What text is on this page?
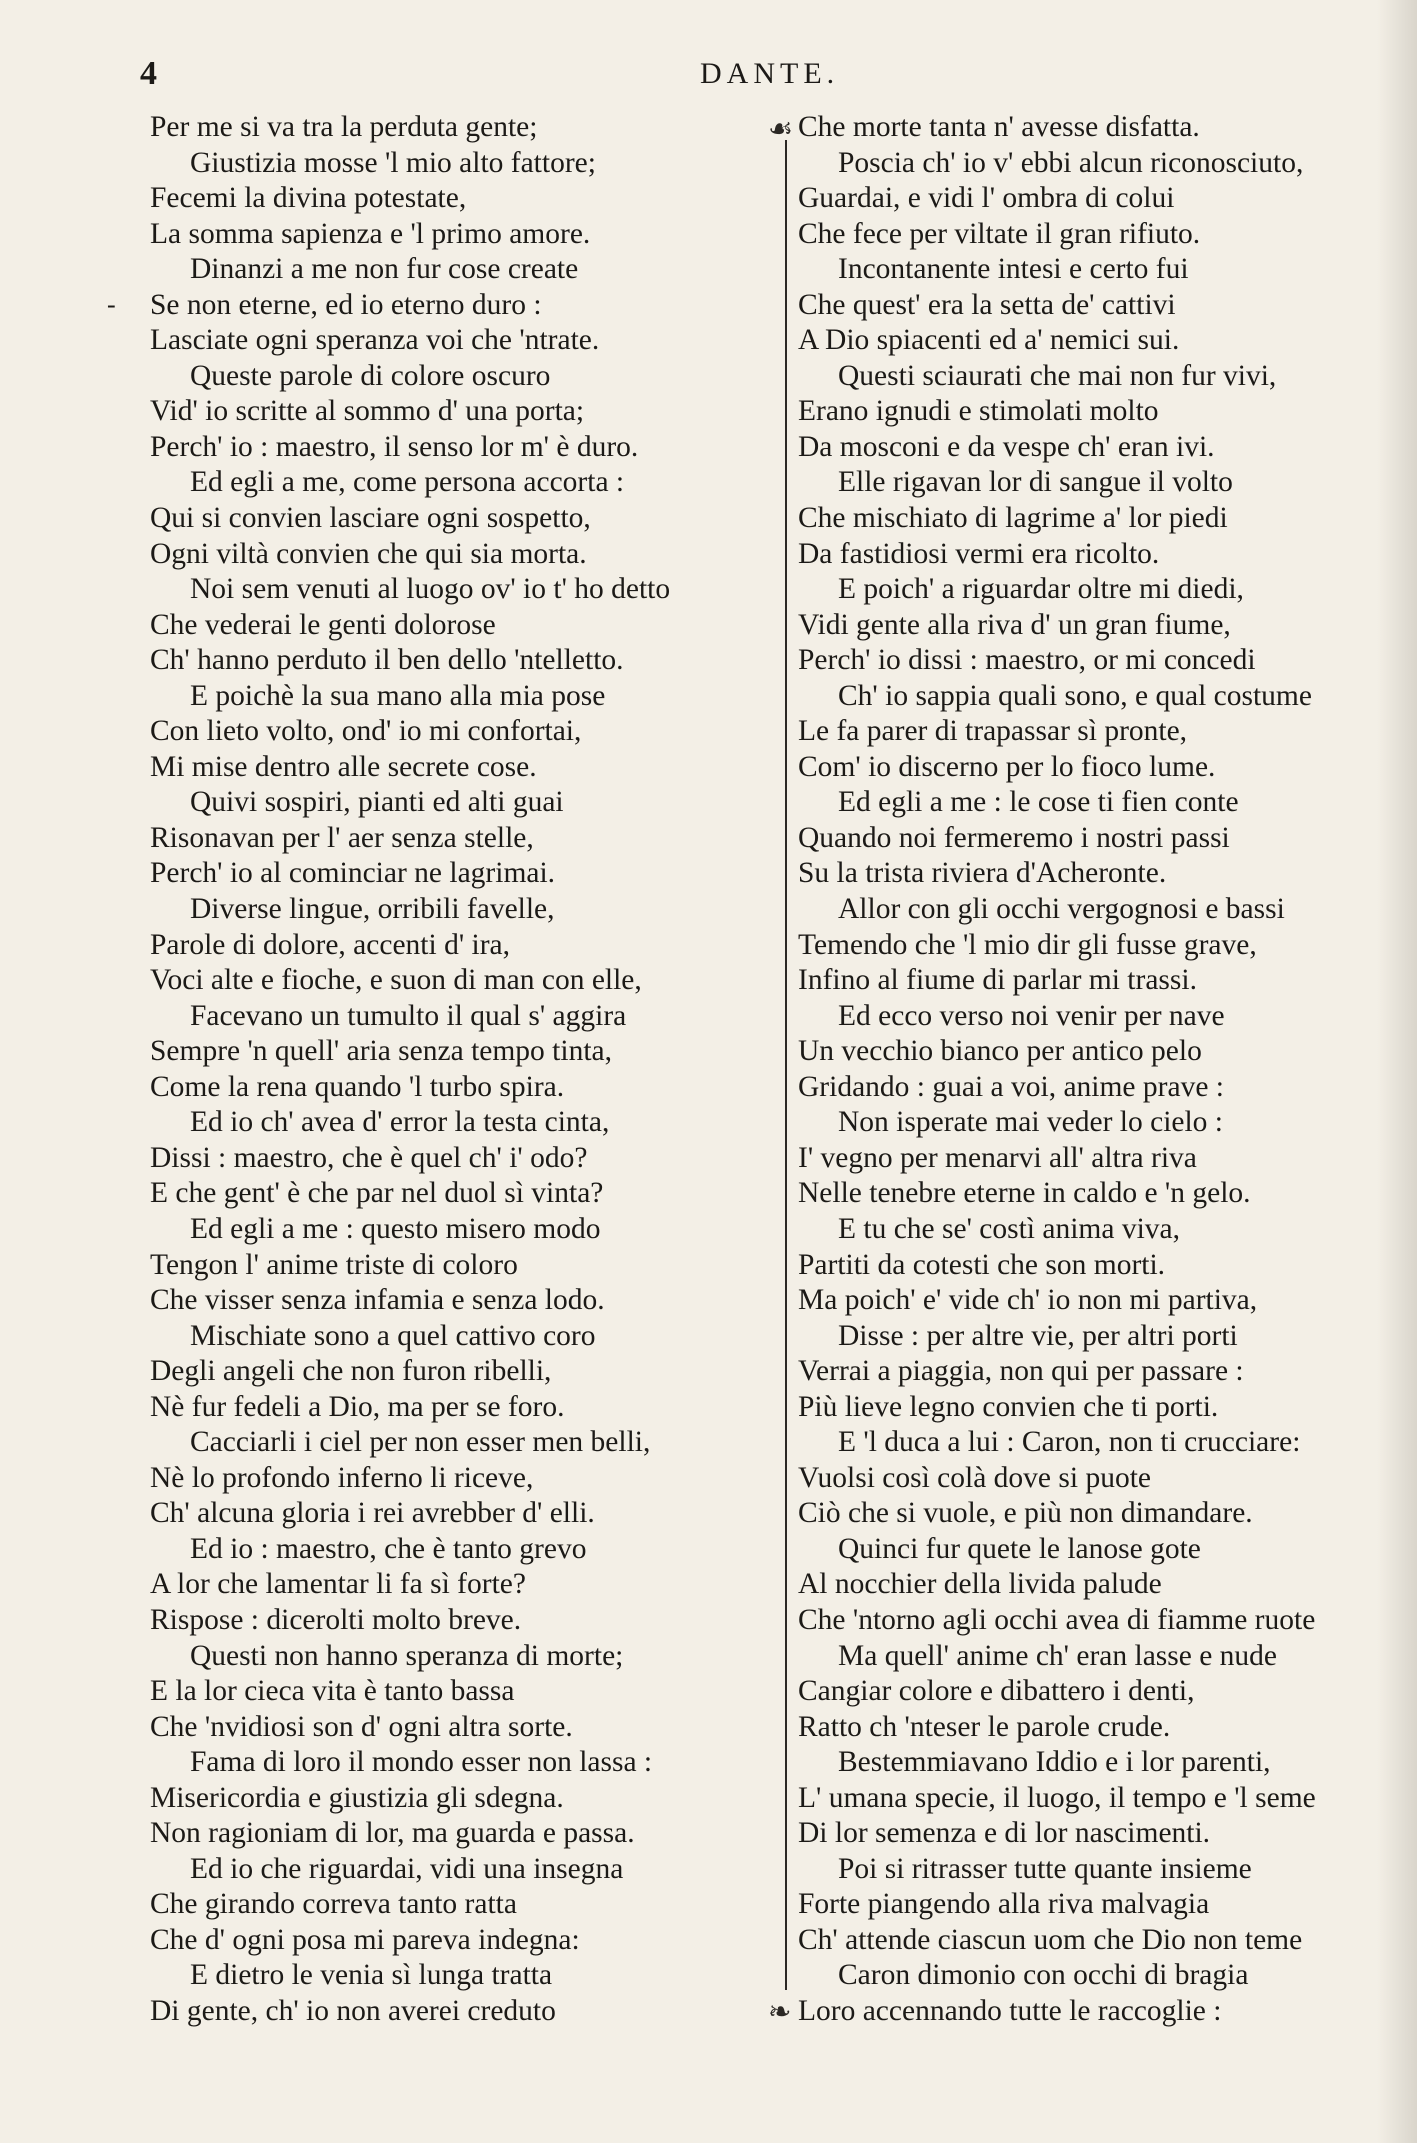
4	DANTE.
-
Per me si va tra la perduta gente;
Giustizia mosse 'l mio alto fattore;
Fecemi la divina potestate,
La somma sapienza e 'l primo amore.
Dinanzi a me non fur cose create
Se non eterne, ed io eterno duro :
Lasciate ogni speranza voi che 'ntrate.
Queste parole di colore oscuro
Vid' io scritte al sommo d' una porta;
Perch' io : maestro, il senso lor m' è duro.
Ed egli a me, come persona accorta :
Qui si convien lasciare ogni sospetto,
Ogni viltà convien che qui sia morta.
Noi sem venuti al luogo ov' io t' ho detto
Che vederai le genti dolorose
Ch' hanno perduto il ben dello 'ntelletto.
E poichè la sua mano alla mia pose
Con lieto volto, ond' io mi confortai,
Mi mise dentro alle secrete cose.
Quivi sospiri, pianti ed alti guai
Risonavan per l' aer senza stelle,
Perch' io al cominciar ne lagrimai.
Diverse lingue, orribili favelle,
Parole di dolore, accenti d' ira,
Voci alte e fioche, e suon di man con elle,
Facevano un tumulto il qual s' aggira
Sempre 'n quell' aria senza tempo tinta,
Come la rena quando 'l turbo spira.
Ed io ch' avea d' error la testa cinta,
Dissi : maestro, che è quel ch' i' odo?
E che gent' è che par nel duol sì vinta?
Ed egli a me : questo misero modo
Tengon l' anime triste di coloro
Che visser senza infamia e senza lodo.
Mischiate sono a quel cattivo coro
Degli angeli che non furon ribelli,
Nè fur fedeli a Dio, ma per se foro.
Cacciarli i ciel per non esser men belli,
Nè lo profondo inferno li riceve,
Ch' alcuna gloria i rei avrebber d' elli.
Ed io : maestro, che è tanto grevo
A lor che lamentar li fa sì forte?
Rispose : dicerolti molto breve.
Questi non hanno speranza di morte;
E la lor cieca vita è tanto bassa
Che 'nvidiosi son d' ogni altra sorte.
Fama di loro il mondo esser non lassa :
Misericordia e giustizia gli sdegna.
Non ragioniam di lor, ma guarda e passa.
Ed io che riguardai, vidi una insegna
Che girando correva tanto ratta
Che d' ogni posa mi pareva indegna:
E dietro le venia sì lunga tratta
Di gente, ch' io non averei creduto
☙
❧
Che morte tanta n' avesse disfatta.
Poscia ch' io v' ebbi alcun riconosciuto,
Guardai, e vidi l' ombra di colui
Che fece per viltate il gran rifiuto.
Incontanente intesi e certo fui
Che quest' era la setta de' cattivi
A Dio spiacenti ed a' nemici sui.
Questi sciaurati che mai non fur vivi,
Erano ignudi e stimolati molto
Da mosconi e da vespe ch' eran ivi.
Elle rigavan lor di sangue il volto
Che mischiato di lagrime a' lor piedi
Da fastidiosi vermi era ricolto.
E poich' a riguardar oltre mi diedi,
Vidi gente alla riva d' un gran fiume,
Perch' io dissi : maestro, or mi concedi
Ch' io sappia quali sono, e qual costume
Le fa parer di trapassar sì pronte,
Com' io discerno per lo fioco lume.
Ed egli a me : le cose ti fien conte
Quando noi fermeremo i nostri passi
Su la trista riviera d'Acheronte.
Allor con gli occhi vergognosi e bassi
Temendo che 'l mio dir gli fusse grave,
Infino al fiume di parlar mi trassi.
Ed ecco verso noi venir per nave
Un vecchio bianco per antico pelo
Gridando : guai a voi, anime prave :
Non isperate mai veder lo cielo :
I' vegno per menarvi all' altra riva
Nelle tenebre eterne in caldo e 'n gelo.
E tu che se' costì anima viva,
Partiti da cotesti che son morti.
Ma poich' e' vide ch' io non mi partiva,
Disse : per altre vie, per altri porti
Verrai a piaggia, non qui per passare :
Più lieve legno convien che ti porti.
E 'l duca a lui : Caron, non ti crucciare:
Vuolsi così colà dove si puote
Ciò che si vuole, e più non dimandare.
Quinci fur quete le lanose gote
Al nocchier della livida palude
Che 'ntorno agli occhi avea di fiamme ruote
Ma quell' anime ch' eran lasse e nude
Cangiar colore e dibattero i denti,
Ratto ch 'nteser le parole crude.
Bestemmiavano Iddio e i lor parenti,
L' umana specie, il luogo, il tempo e 'l seme
Di lor semenza e di lor nascimenti.
Poi si ritrasser tutte quante insieme
Forte piangendo alla riva malvagia
Ch' attende ciascun uom che Dio non teme
Caron dimonio con occhi di bragia
Loro accennando tutte le raccoglie :
